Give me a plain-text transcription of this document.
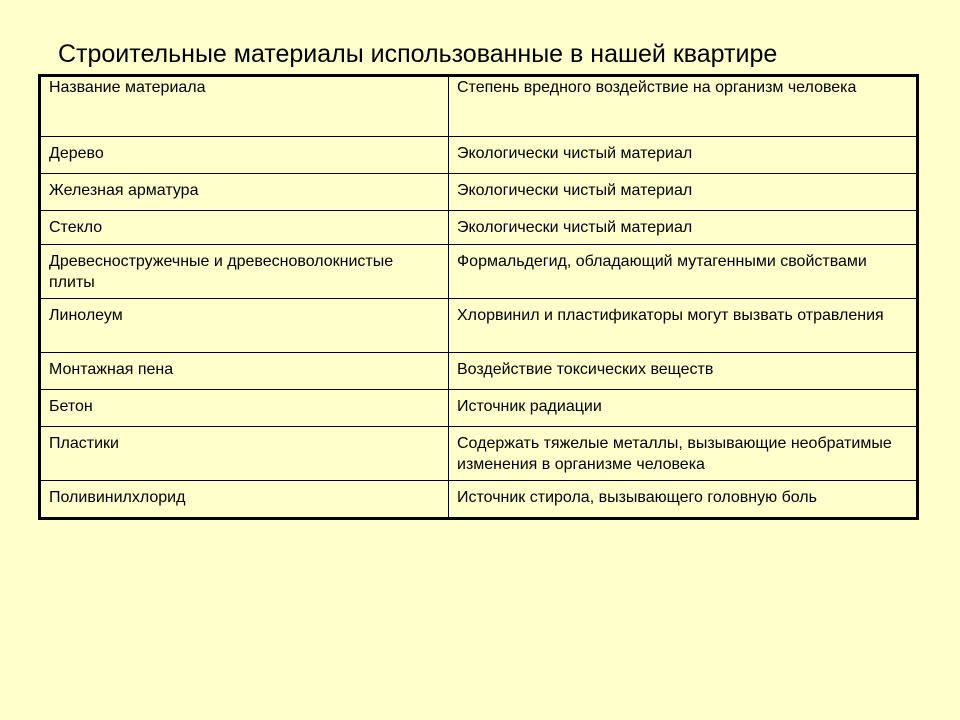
Строительные материалы использованные в нашей квартире
Название материала	Степень вредного воздействие на организм человека
Дерево	Экологически чистый материал
Железная арматура	Экологически чистый материал
Стекло	Экологически чистый материал
Древесностружечные и древесноволокнистые плиты	Формальдегид, обладающий мутагенными свойствами
Линолеум	Хлорвинил и пластификаторы могут вызвать отравления
Монтажная пена	Воздействие токсических веществ
Бетон	Источник радиации
Пластики	Содержать тяжелые металлы, вызывающие необратимые изменения в организме человека
Поливинилхлорид	Источник стирола, вызывающего головную боль
